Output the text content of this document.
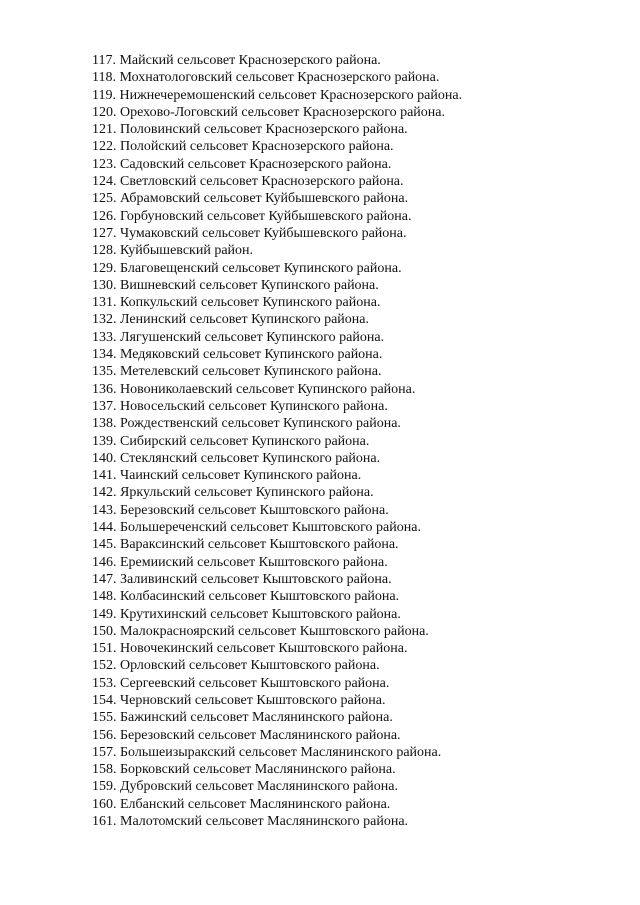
117. Майский сельсовет Краснозерского района.
118. Мохнатологовский сельсовет Краснозерского района.
119. Нижнечеремошенский сельсовет Краснозерского района.
120. Орехово-Логовский сельсовет Краснозерского района.
121. Половинский сельсовет Краснозерского района.
122. Полойский сельсовет Краснозерского района.
123. Садовский сельсовет Краснозерского района.
124. Светловский сельсовет Краснозерского района.
125. Абрамовский сельсовет Куйбышевского района.
126. Горбуновский сельсовет Куйбышевского района.
127. Чумаковский сельсовет Куйбышевского района.
128. Куйбышевский район.
129. Благовещенский сельсовет Купинского района.
130. Вишневский сельсовет Купинского района.
131. Копкульский сельсовет Купинского района.
132. Ленинский сельсовет Купинского района.
133. Лягушенский сельсовет Купинского района.
134. Медяковский сельсовет Купинского района.
135. Метелевский сельсовет Купинского района.
136. Новониколаевский сельсовет Купинского района.
137. Новосельский сельсовет Купинского района.
138. Рождественский сельсовет Купинского района.
139. Сибирский сельсовет Купинского района.
140. Стеклянский сельсовет Купинского района.
141. Чаинский сельсовет Купинского района.
142. Яркульский сельсовет Купинского района.
143. Березовский сельсовет Кыштовского района.
144. Большереченский сельсовет Кыштовского района.
145. Вараксинский сельсовет Кыштовского района.
146. Еремииский сельсовет Кыштовского района.
147. Заливинский сельсовет Кыштовского района.
148. Колбасинский сельсовет Кыштовского района.
149. Крутихинский сельсовет Кыштовского района.
150. Малокрасноярский сельсовет Кыштовского района.
151. Новочекинский сельсовет Кыштовского района.
152. Орловский сельсовет Кыштовского района.
153. Сергеевский сельсовет Кыштовского района.
154. Черновский сельсовет Кыштовского района.
155. Бажинский сельсовет Маслянинского района.
156. Березовский сельсовет Маслянинского района.
157. Большеизыракский сельсовет Маслянинского района.
158. Борковский сельсовет Маслянинского района.
159. Дубровский сельсовет Маслянинского района.
160. Елбанский сельсовет Маслянинского района.
161. Малотомский сельсовет Маслянинского района.
